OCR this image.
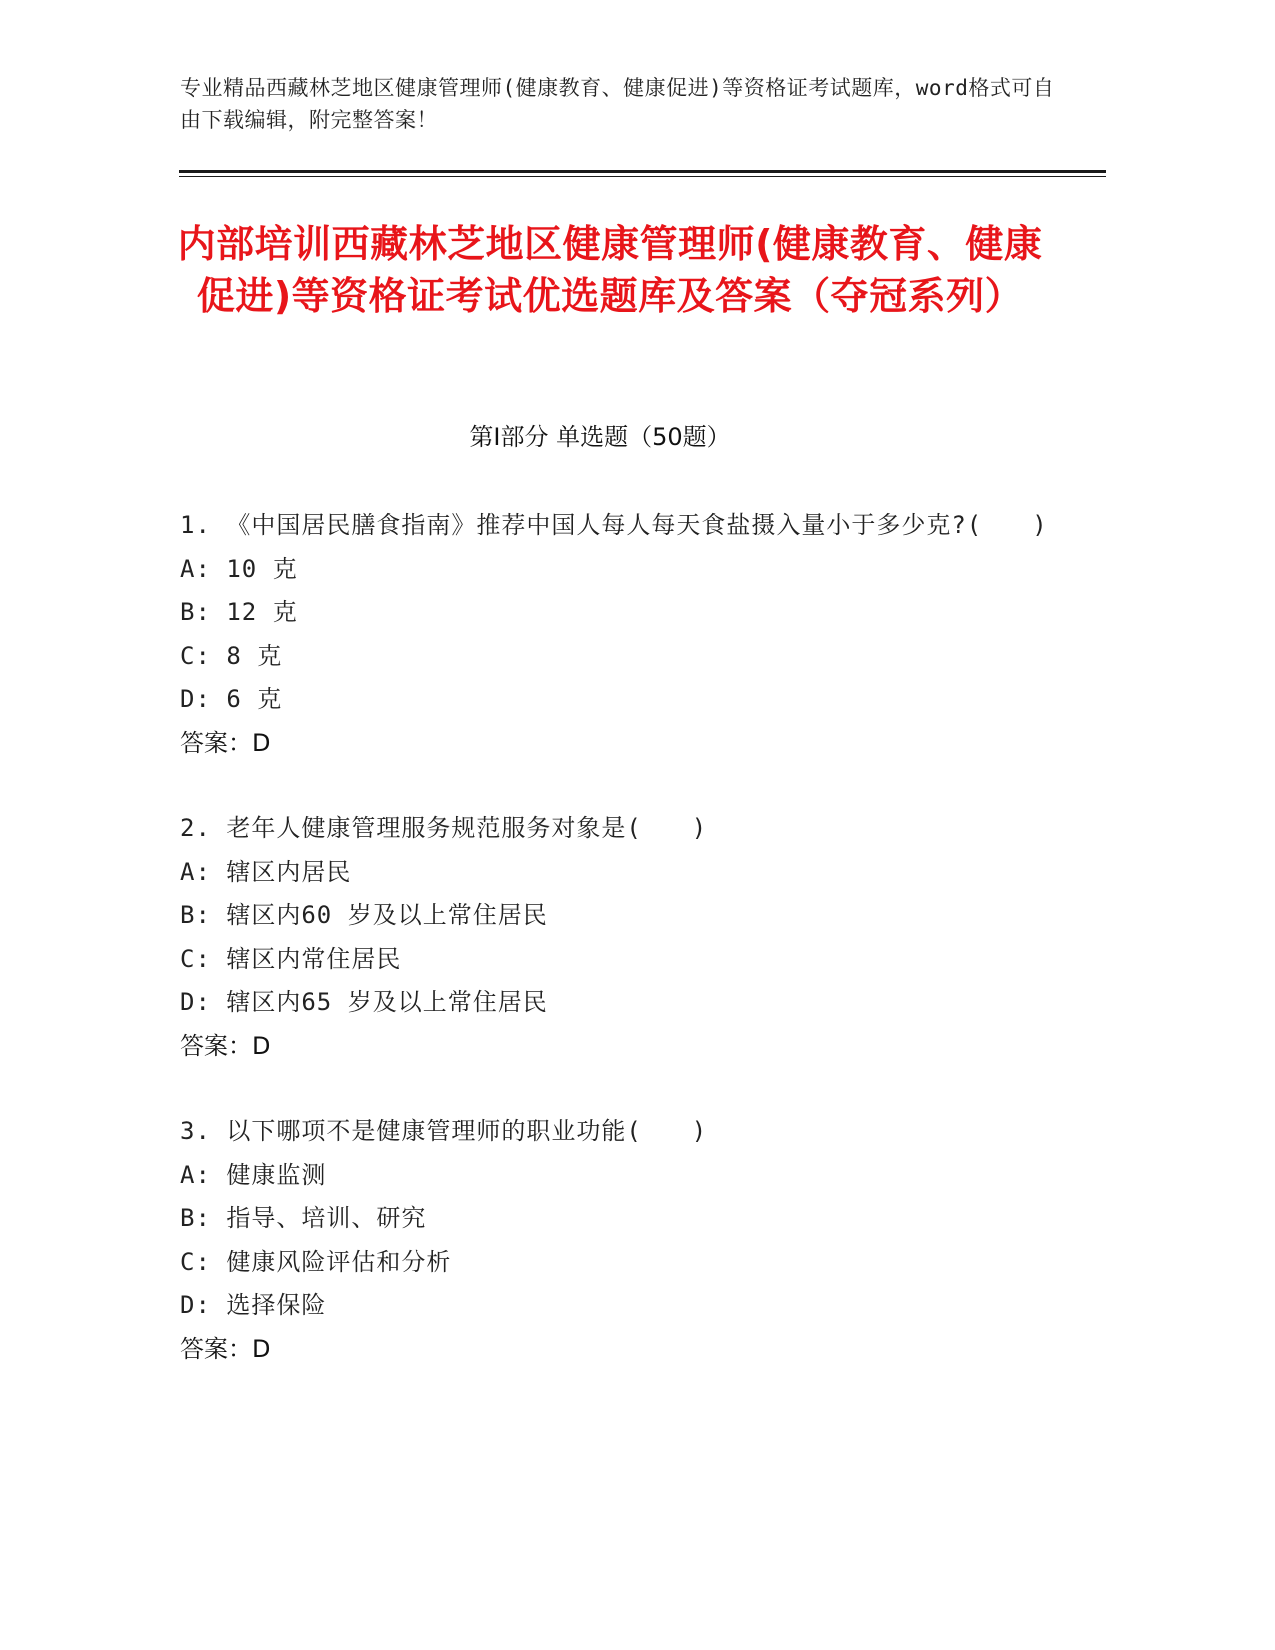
专业精品西藏林芝地区健康管理师(健康教育、健康促进)等资格证考试题库，word格式可自由下载编辑，附完整答案！
内部培训西藏林芝地区健康管理师(健康教育、健康促进)等资格证考试优选题库及答案（夺冠系列）
第Ⅰ部分 单选题（50题）
1. 《中国居民膳食指南》推荐中国人每人每天食盐摄入量小于多少克?(　　)
A: 10 克
B: 12 克
C: 8 克
D: 6 克
答案：D
2. 老年人健康管理服务规范服务对象是(　　)
A: 辖区内居民
B: 辖区内60 岁及以上常住居民
C: 辖区内常住居民
D: 辖区内65 岁及以上常住居民
答案：D
3. 以下哪项不是健康管理师的职业功能(　　)
A: 健康监测
B: 指导、培训、研究
C: 健康风险评估和分析
D: 选择保险
答案：D
